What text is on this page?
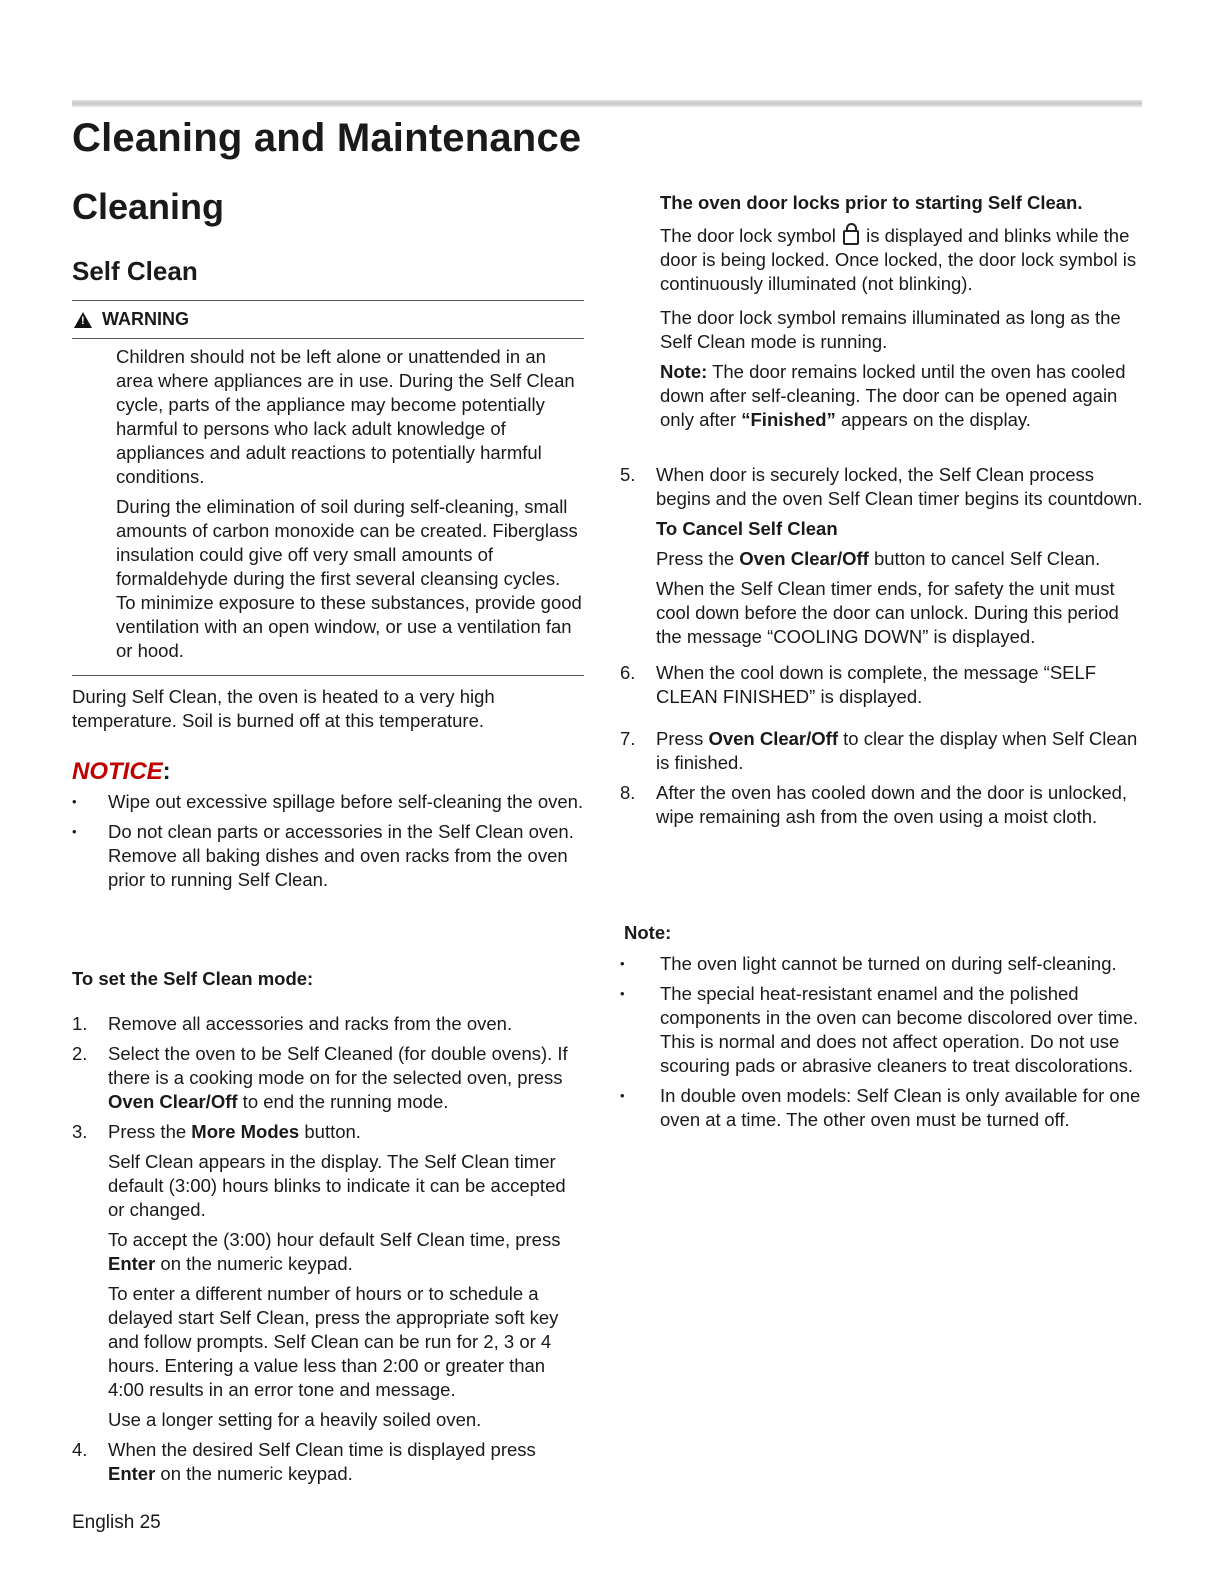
Cleaning and Maintenance
Cleaning
Self Clean
!
WARNING

Children should not be left alone or unattended in an area where appliances are in use. During the Self Clean cycle, parts of the appliance may become potentially harmful to persons who lack adult knowledge of appliances and adult reactions to potentially harmful conditions.

During the elimination of soil during self-cleaning, small amounts of carbon monoxide can be created. Fiberglass insulation could give off very small amounts of formaldehyde during the first several cleansing cycles. To minimize exposure to these substances, provide good ventilation with an open window, or use a ventilation fan or hood.

During Self Clean, the oven is heated to a very high temperature. Soil is burned off at this temperature.

NOTICE:
• Wipe out excessive spillage before self-cleaning the oven.
• Do not clean parts or accessories in the Self Clean oven. Remove all baking dishes and oven racks from the oven prior to running Self Clean.
To set the Self Clean mode:
1. Remove all accessories and racks from the oven.
2. Select the oven to be Self Cleaned (for double ovens). If there is a cooking mode on for the selected oven, press Oven Clear/Off to end the running mode.
3. Press the More Modes button.

Self Clean appears in the display. The Self Clean timer default (3:00) hours blinks to indicate it can be accepted or changed.

To accept the (3:00) hour default Self Clean time, press Enter on the numeric keypad.

To enter a different number of hours or to schedule a delayed start Self Clean, press the appropriate soft key and follow prompts. Self Clean can be run for 2, 3 or 4 hours. Entering a value less than 2:00 or greater than 4:00 results in an error tone and message.

Use a longer setting for a heavily soiled oven.

4. When the desired Self Clean time is displayed press Enter on the numeric keypad.
The oven door locks prior to starting Self Clean.

The door lock symbol  is displayed and blinks while the door is being locked. Once locked, the door lock symbol is continuously illuminated (not blinking).

The door lock symbol remains illuminated as long as the Self Clean mode is running.

Note: The door remains locked until the oven has cooled down after self-cleaning. The door can be opened again only after “Finished” appears on the display.

5. When door is securely locked, the Self Clean process begins and the oven Self Clean timer begins its countdown.

To Cancel Self Clean

Press the Oven Clear/Off button to cancel Self Clean.

When the Self Clean timer ends, for safety the unit must cool down before the door can unlock. During this period the message “COOLING DOWN” is displayed.

6. When the cool down is complete, the message “SELF CLEAN FINISHED” is displayed.
7. Press Oven Clear/Off to clear the display when Self Clean is finished.
8. After the oven has cooled down and the door is unlocked, wipe remaining ash from the oven using a moist cloth.
Note:
• The oven light cannot be turned on during self-cleaning.
• The special heat-resistant enamel and the polished components in the oven can become discolored over time. This is normal and does not affect operation. Do not use scouring pads or abrasive cleaners to treat discolorations.
• In double oven models: Self Clean is only available for one oven at a time. The other oven must be turned off.
English 25
